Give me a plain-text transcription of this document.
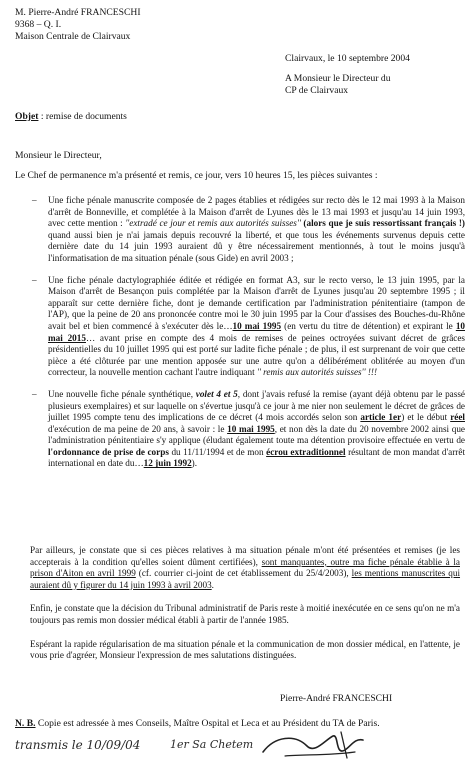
M. Pierre-André FRANCESCHI
9368 – Q. I.
Maison Centrale de Clairvaux
Clairvaux, le 10 septembre 2004
A Monsieur le Directeur du
CP de Clairvaux
Objet : remise de documents
Monsieur le Directeur,
Le Chef de permanence m'a présenté et remis, ce jour, vers 10 heures 15, les pièces suivantes :
– Une fiche pénale manuscrite composée de 2 pages établies et rédigées sur recto dès le 12 mai 1993 à la Maison d'arrêt de Bonneville, et complétée à la Maison d'arrêt de Lyunes dès le 13 mai 1993 et jusqu'au 14 juin 1993, avec cette mention : ''extradé ce jour et remis aux autorités suisses'' (alors que je suis ressortissant français !) quand aussi bien je n'ai jamais depuis recouvré la liberté, et que tous les événements survenus depuis cette dernière date du 14 juin 1993 auraient dû y être nécessairement mentionnés, à tout le moins jusqu'à l'informatisation de ma situation pénale (sous Gide) en avril 2003 ;
– Une fiche pénale dactylographiée éditée et rédigée en format A3, sur le recto verso, le 13 juin 1995, par la Maison d'arrêt de Besançon puis complétée par la Maison d'arrêt de Lyunes jusqu'au 20 septembre 1995 ; il apparaît sur cette dernière fiche, dont je demande certification par l'administration pénitentiaire (tampon de l'AP), que la peine de 20 ans prononcée contre moi le 30 juin 1995 par la Cour d'assises des Bouches-du-Rhône avait bel et bien commencé à s'exécuter dès le…10 mai 1995 (en vertu du titre de détention) et expirant le 10 mai 2015… avant prise en compte des 4 mois de remises de peines octroyées suivant décret de grâces présidentielles du 10 juillet 1995 qui est porté sur ladite fiche pénale ; de plus, il est surprenant de voir que cette pièce a été clôturée par une mention apposée sur une autre qu'on a délibérément oblitérée au moyen d'un correcteur, la nouvelle mention cachant l'autre indiquant '' remis aux autorités suisses'' !!!
– Une nouvelle fiche pénale synthétique, volet 4 et 5, dont j'avais refusé la remise (ayant déjà obtenu par le passé plusieurs exemplaires) et sur laquelle on s'évertue jusqu'à ce jour à me nier non seulement le décret de grâces de juillet 1995 compte tenu des implications de ce décret (4 mois accordés selon son article 1er) et le début réel d'exécution de ma peine de 20 ans, à savoir : le 10 mai 1995, et non dès la date du 20 novembre 2002 ainsi que l'administration pénitentiaire s'y applique (éludant également toute ma détention provisoire effectuée en vertu de l'ordonnance de prise de corps du 11/11/1994 et de mon écrou extraditionnel résultant de mon mandat d'arrêt international en date du…12 juin 1992).

Par ailleurs, je constate que si ces pièces relatives à ma situation pénale m'ont été présentées et remises (je les accepterais à la condition qu'elles soient dûment certifiées), sont manquantes, outre ma fiche pénale établie à la prison d'Aiton en avril 1999 (cf. courrier ci-joint de cet établissement du 25/4/2003), les mentions manuscrites qui auraient dû y figurer du 14 juin 1993 à avril 2003.

Enfin, je constate que la décision du Tribunal administratif de Paris reste à moitié inexécutée en ce sens qu'on ne m'a toujours pas remis mon dossier médical établi à partir de l'année 1985.

Espérant la rapide régularisation de ma situation pénale et la communication de mon dossier médical, en l'attente, je vous prie d'agréer, Monsieur l'expression de mes salutations distinguées.

Pierre-André FRANCESCHI
N. B. Copie est adressée à mes Conseils, Maître Ospital et Leca et au Président du TA de Paris.
transmis le 10/09/04	1er Sa Chetem
